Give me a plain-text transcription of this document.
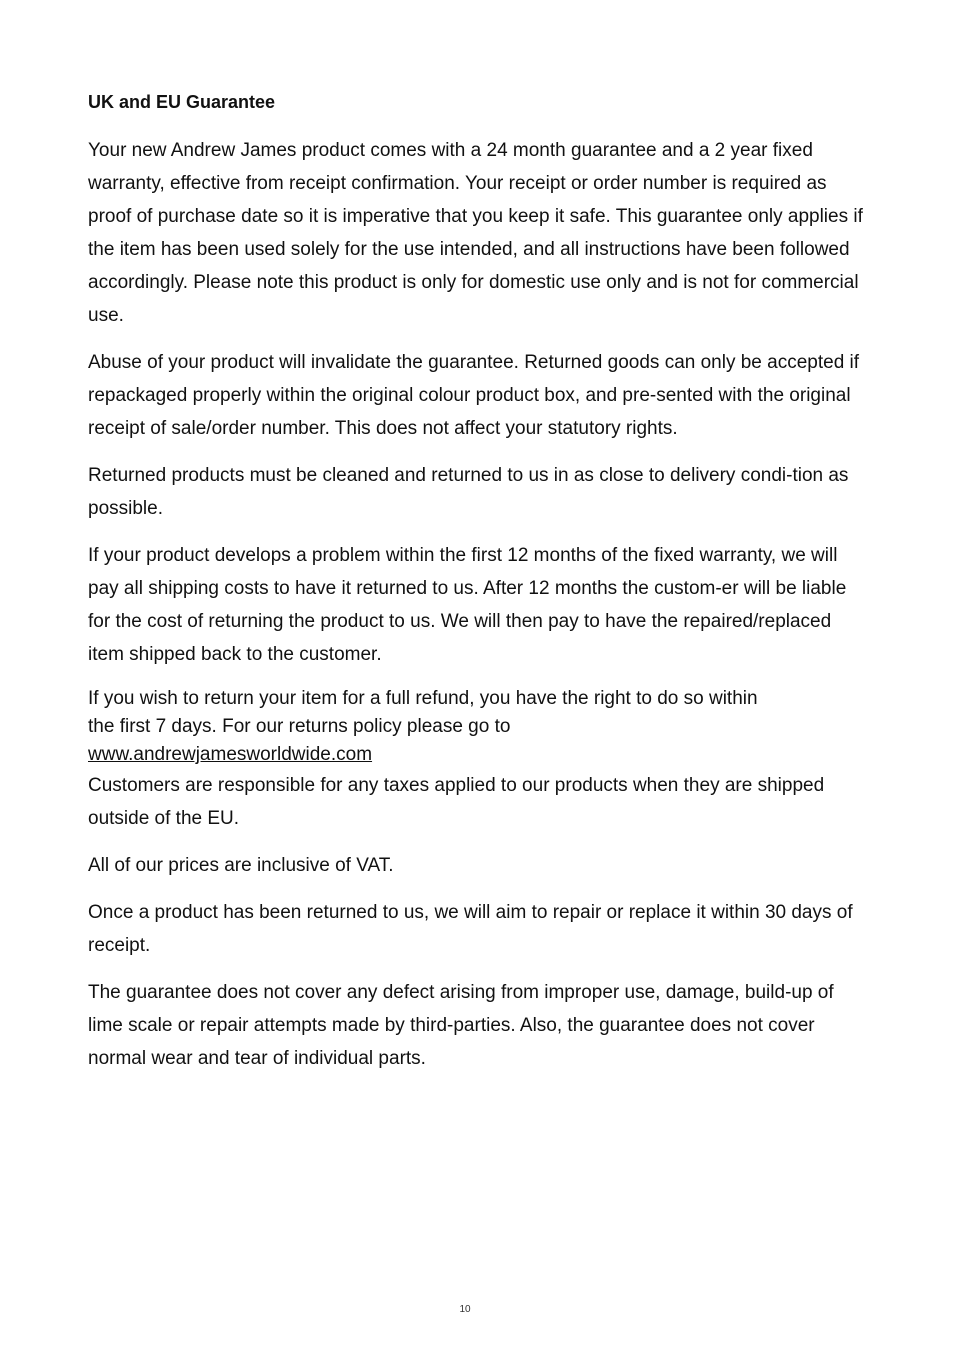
UK and EU Guarantee

Your new Andrew James product comes with a 24 month guarantee and a 2 year fixed warranty, effective from receipt confirmation. Your receipt or order number is required as proof of purchase date so it is imperative that you keep it safe. This guarantee only applies if the item has been used solely for the use intended, and all instructions have been followed accordingly. Please note this product is only for domestic use only and is not for commercial use.

Abuse of your product will invalidate the guarantee. Returned goods can only be accepted if repackaged properly within the original colour product box, and pre-sented with the original receipt of sale/order number. This does not affect your statutory rights.

Returned products must be cleaned and returned to us in as close to delivery condi-tion as possible.

If your product develops a problem within the first 12 months of the fixed warranty, we will pay all shipping costs to have it returned to us. After 12 months the custom-er will be liable for the cost of returning the product to us. We will then pay to have the repaired/replaced item shipped back to the customer.

If you wish to return your item for a full refund, you have the right to do so within
the first 7 days. For our returns policy please go to
www.andrewjamesworldwide.com
Customers are responsible for any taxes applied to our products when they are shipped outside of the EU.

All of our prices are inclusive of VAT.

Once a product has been returned to us, we will aim to repair or replace it within 30 days of receipt.

The guarantee does not cover any defect arising from improper use, damage, build-up of lime scale or repair attempts made by third-parties. Also, the guarantee does not cover normal wear and tear of individual parts.

10
